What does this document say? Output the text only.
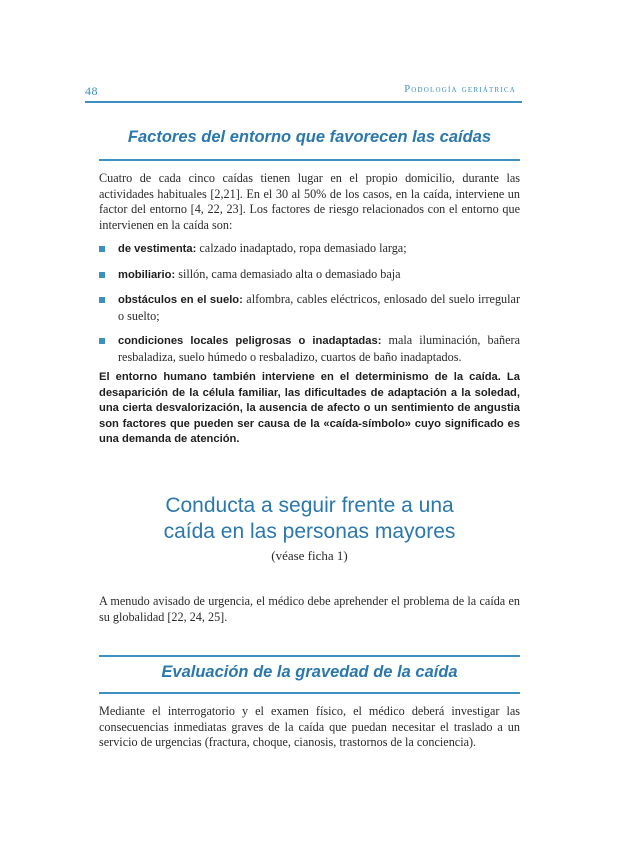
48	Podología geriátrica
Factores del entorno que favorecen las caídas

Cuatro de cada cinco caídas tienen lugar en el propio domicilio, durante las actividades habituales [2,21]. En el 30 al 50% de los casos, en la caída, interviene un factor del entorno [4, 22, 23]. Los factores de riesgo relacionados con el entorno que intervienen en la caída son:

de vestimenta: calzado inadaptado, ropa demasiado larga;
mobiliario: sillón, cama demasiado alta o demasiado baja
obstáculos en el suelo: alfombra, cables eléctricos, enlosado del suelo irregular o suelto;
condiciones locales peligrosas o inadaptadas: mala iluminación, bañera resbaladiza, suelo húmedo o resbaladizo, cuartos de baño inadaptados.

El entorno humano también interviene en el determinismo de la caída. La desaparición de la célula familiar, las dificultades de adaptación a la soledad, una cierta desvalorización, la ausencia de afecto o un sentimiento de angustia son factores que pueden ser causa de la «caída-símbolo» cuyo significado es una demanda de atención.

Conducta a seguir frente a una
caída en las personas mayores
(véase ficha 1)

A menudo avisado de urgencia, el médico debe aprehender el problema de la caída en su globalidad [22, 24, 25].

Evaluación de la gravedad de la caída

Mediante el interrogatorio y el examen físico, el médico deberá investigar las consecuencias inmediatas graves de la caída que puedan necesitar el traslado a un servicio de urgencias (fractura, choque, cianosis, trastornos de la conciencia).
